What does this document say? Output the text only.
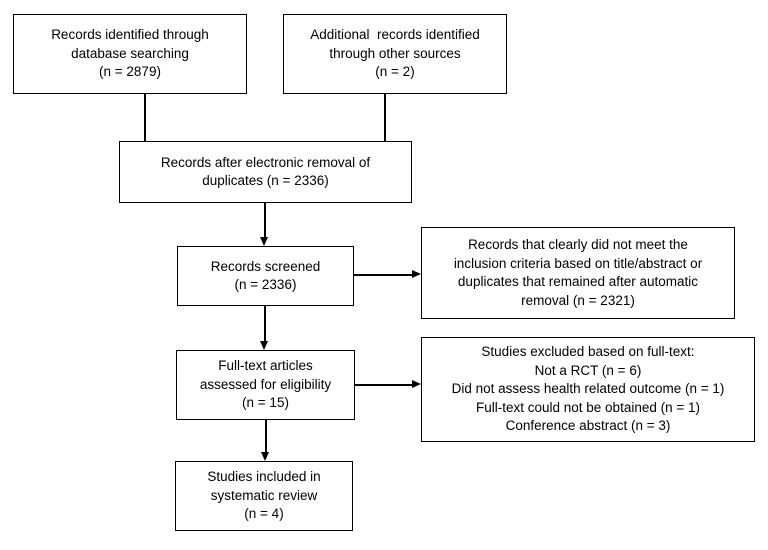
Records identified through
database searching
(n = 2879)
Additional  records identified
through other sources
(n = 2)
Records after electronic removal of
duplicates (n = 2336)
Records screened
(n = 2336)
Records that clearly did not meet the
inclusion criteria based on title/abstract or
duplicates that remained after automatic
removal (n = 2321)
Full-text articles
assessed for eligibility
(n = 15)
Studies excluded based on full-text:
Not a RCT (n = 6)
Did not assess health related outcome (n = 1)
Full-text could not be obtained (n = 1)
Conference abstract (n = 3)
Studies included in
systematic review
(n = 4)
